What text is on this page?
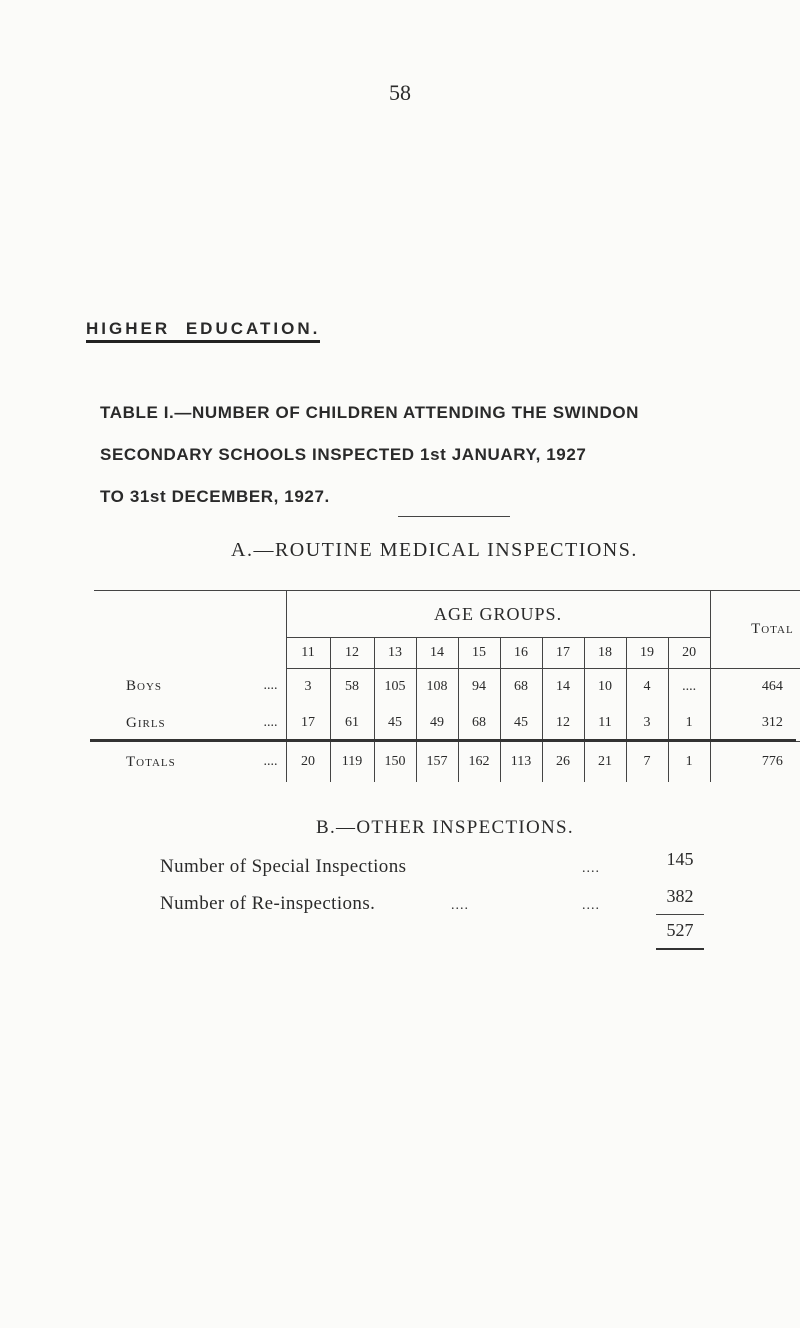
58
HIGHER EDUCATION.
TABLE I.—NUMBER OF CHILDREN ATTENDING THE SWINDON
SECONDARY SCHOOLS INSPECTED 1st JANUARY, 1927
TO 31st DECEMBER, 1927.
A.—ROUTINE MEDICAL INSPECTIONS.
	AGE GROUPS.										Total
	11	12	13	14	15	16	17	18	19	20	
Boys ....	3	58	105	108	94	68	14	10	4	....	464
Girls ....	17	61	45	49	68	45	12	11	3	1	312
Totals ....	20	119	150	157	162	113	26	21	7	1	776
B.—OTHER INSPECTIONS.
Number of Special Inspections	....	145
Number of Re-inspections.	....	....	382
527
